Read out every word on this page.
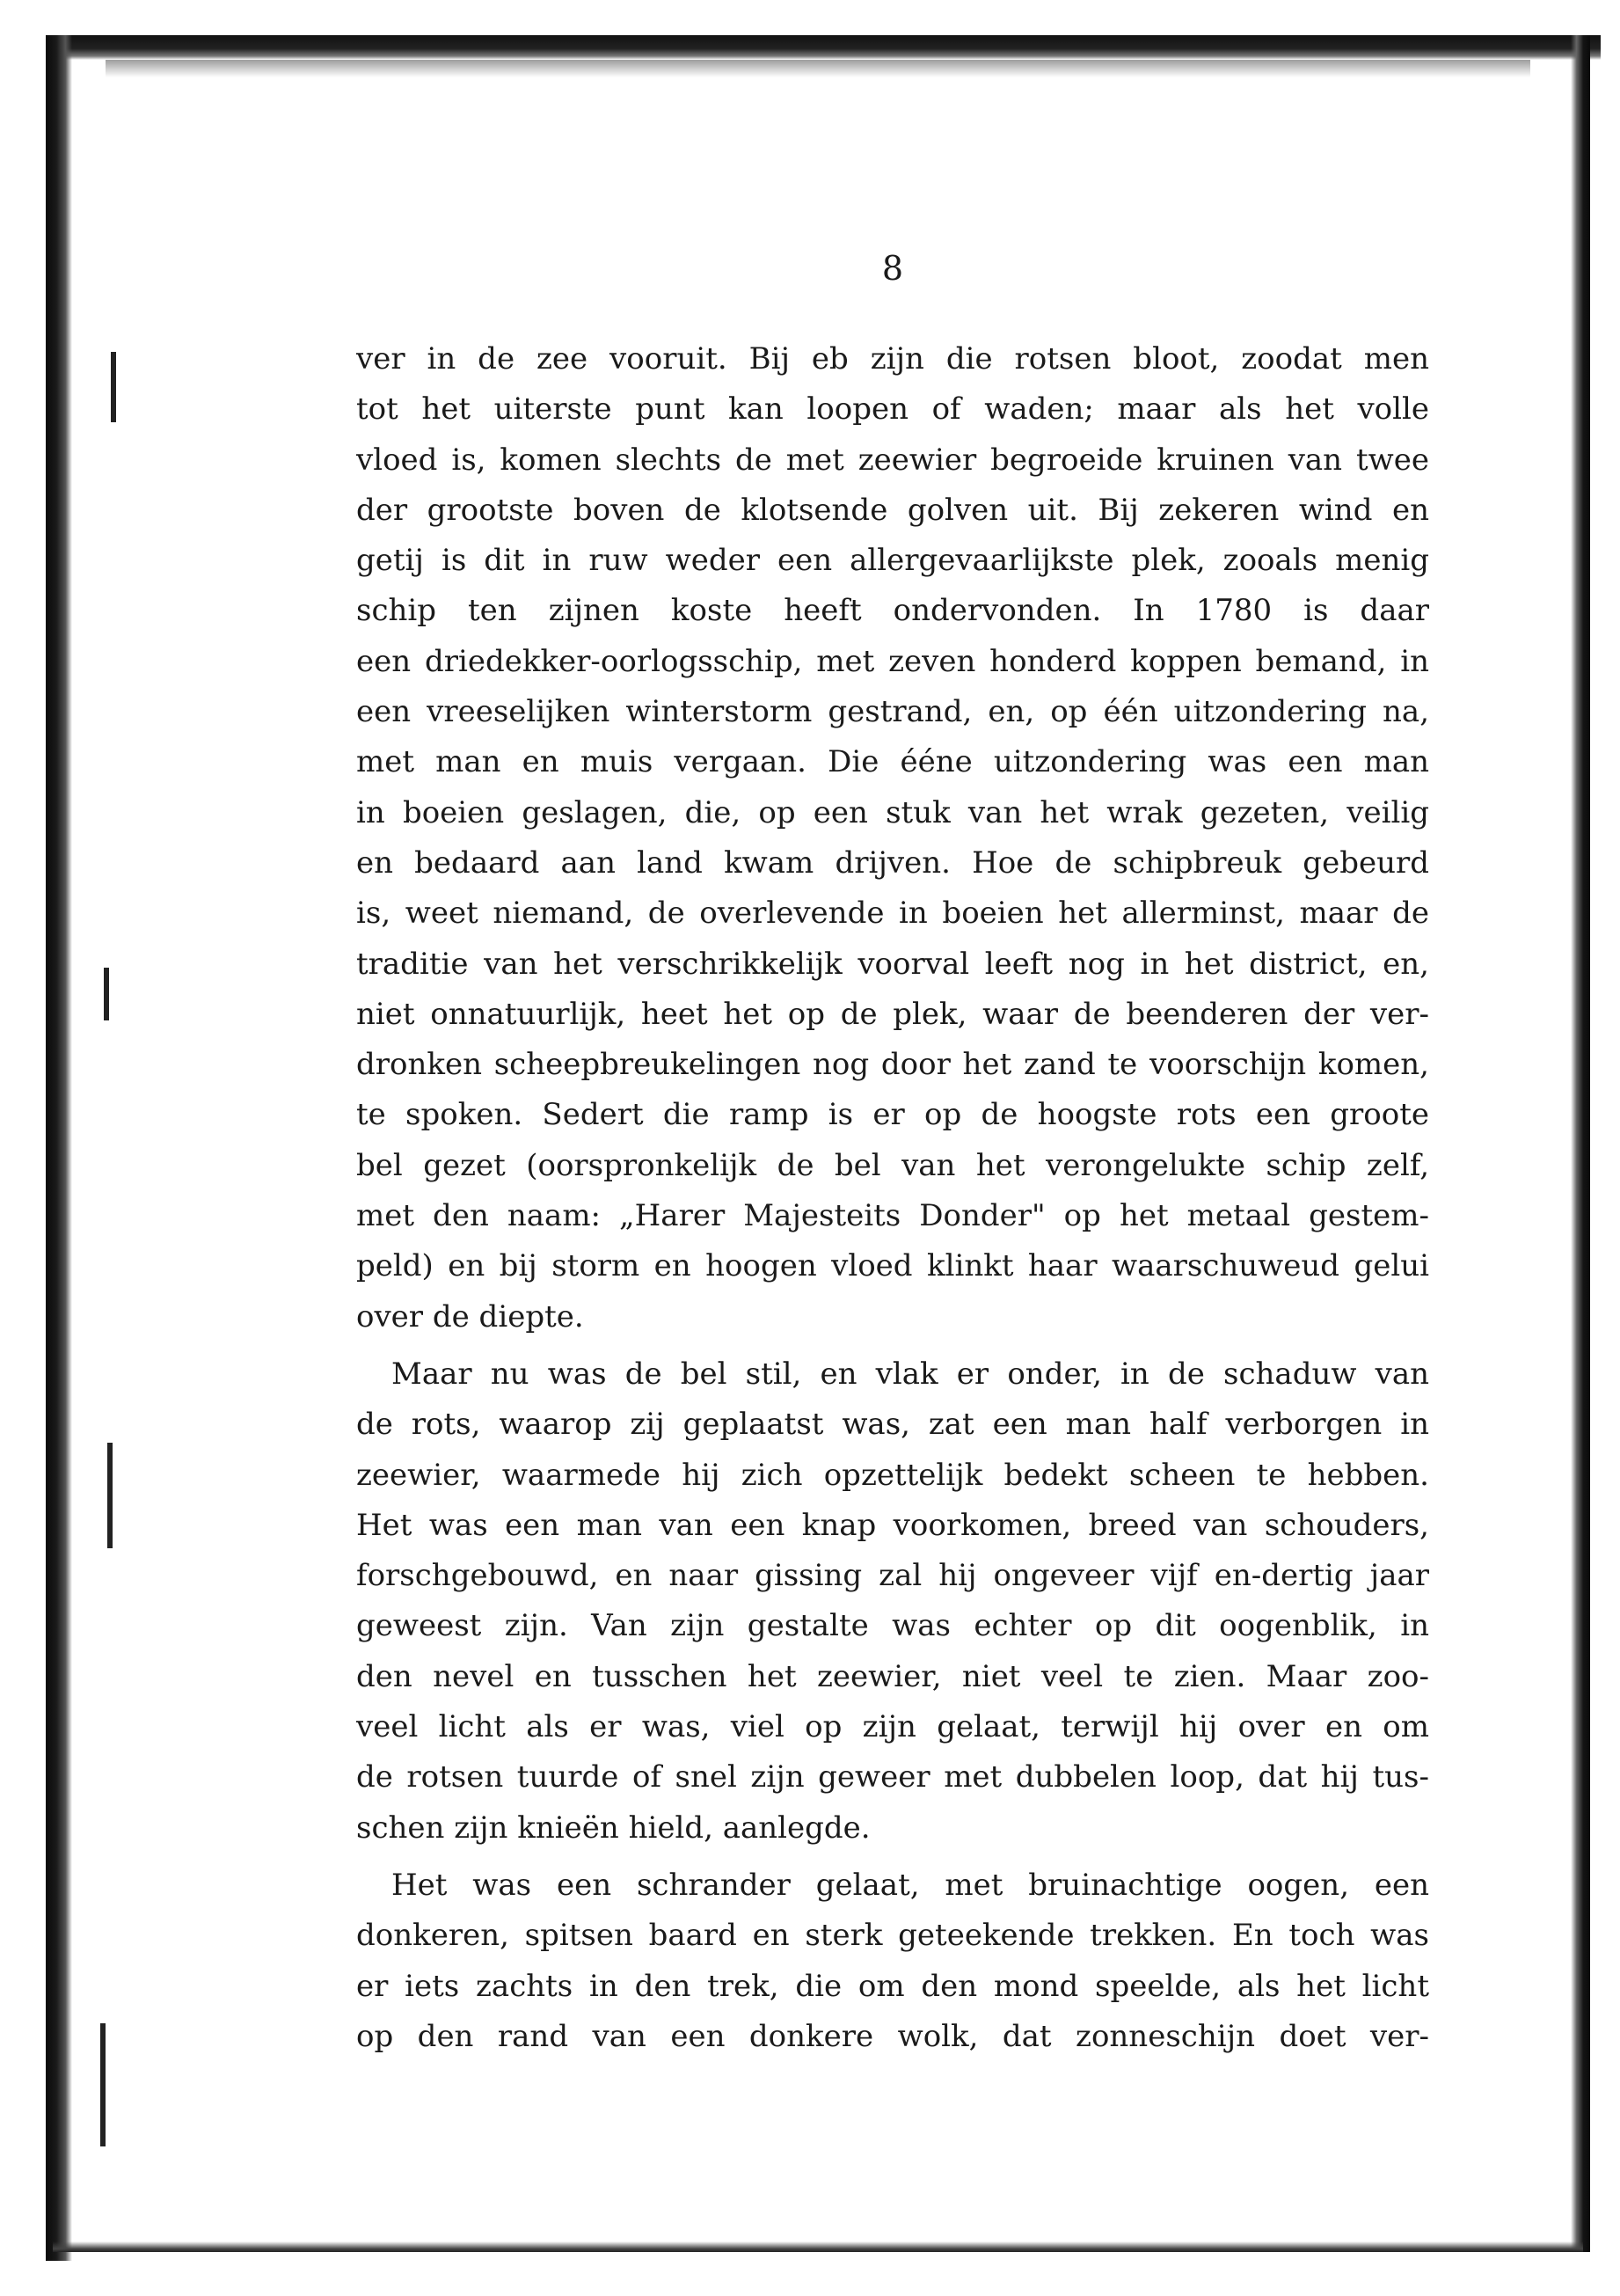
8
ver in de zee vooruit. Bij eb zijn die rotsen bloot, zoodat men
tot het uiterste punt kan loopen of waden; maar als het volle
vloed is, komen slechts de met zeewier begroeide kruinen van twee
der grootste boven de klotsende golven uit. Bij zekeren wind en
getij is dit in ruw weder een allergevaarlijkste plek, zooals menig
schip ten zijnen koste heeft ondervonden. In 1780 is daar
een driedekker-oorlogsschip, met zeven honderd koppen bemand, in
een vreeselijken winterstorm gestrand, en, op één uitzondering na,
met man en muis vergaan. Die ééne uitzondering was een man
in boeien geslagen, die, op een stuk van het wrak gezeten, veilig
en bedaard aan land kwam drijven. Hoe de schipbreuk gebeurd
is, weet niemand, de overlevende in boeien het allerminst, maar de
traditie van het verschrikkelijk voorval leeft nog in het district, en,
niet onnatuurlijk, heet het op de plek, waar de beenderen der ver-
dronken scheepbreukelingen nog door het zand te voorschijn komen,
te spoken. Sedert die ramp is er op de hoogste rots een groote
bel gezet (oorspronkelijk de bel van het verongelukte schip zelf,
met den naam: „Harer Majesteits Donder" op het metaal gestem-
peld) en bij storm en hoogen vloed klinkt haar waarschuweud gelui
over de diepte.
Maar nu was de bel stil, en vlak er onder, in de schaduw van
de rots, waarop zij geplaatst was, zat een man half verborgen in
zeewier, waarmede hij zich opzettelijk bedekt scheen te hebben.
Het was een man van een knap voorkomen, breed van schouders,
forschgebouwd, en naar gissing zal hij ongeveer vijf en-dertig jaar
geweest zijn. Van zijn gestalte was echter op dit oogenblik, in
den nevel en tusschen het zeewier, niet veel te zien. Maar zoo-
veel licht als er was, viel op zijn gelaat, terwijl hij over en om
de rotsen tuurde of snel zijn geweer met dubbelen loop, dat hij tus-
schen zijn knieën hield, aanlegde.
Het was een schrander gelaat, met bruinachtige oogen, een
donkeren, spitsen baard en sterk geteekende trekken. En toch was
er iets zachts in den trek, die om den mond speelde, als het licht
op den rand van een donkere wolk, dat zonneschijn doet ver-
